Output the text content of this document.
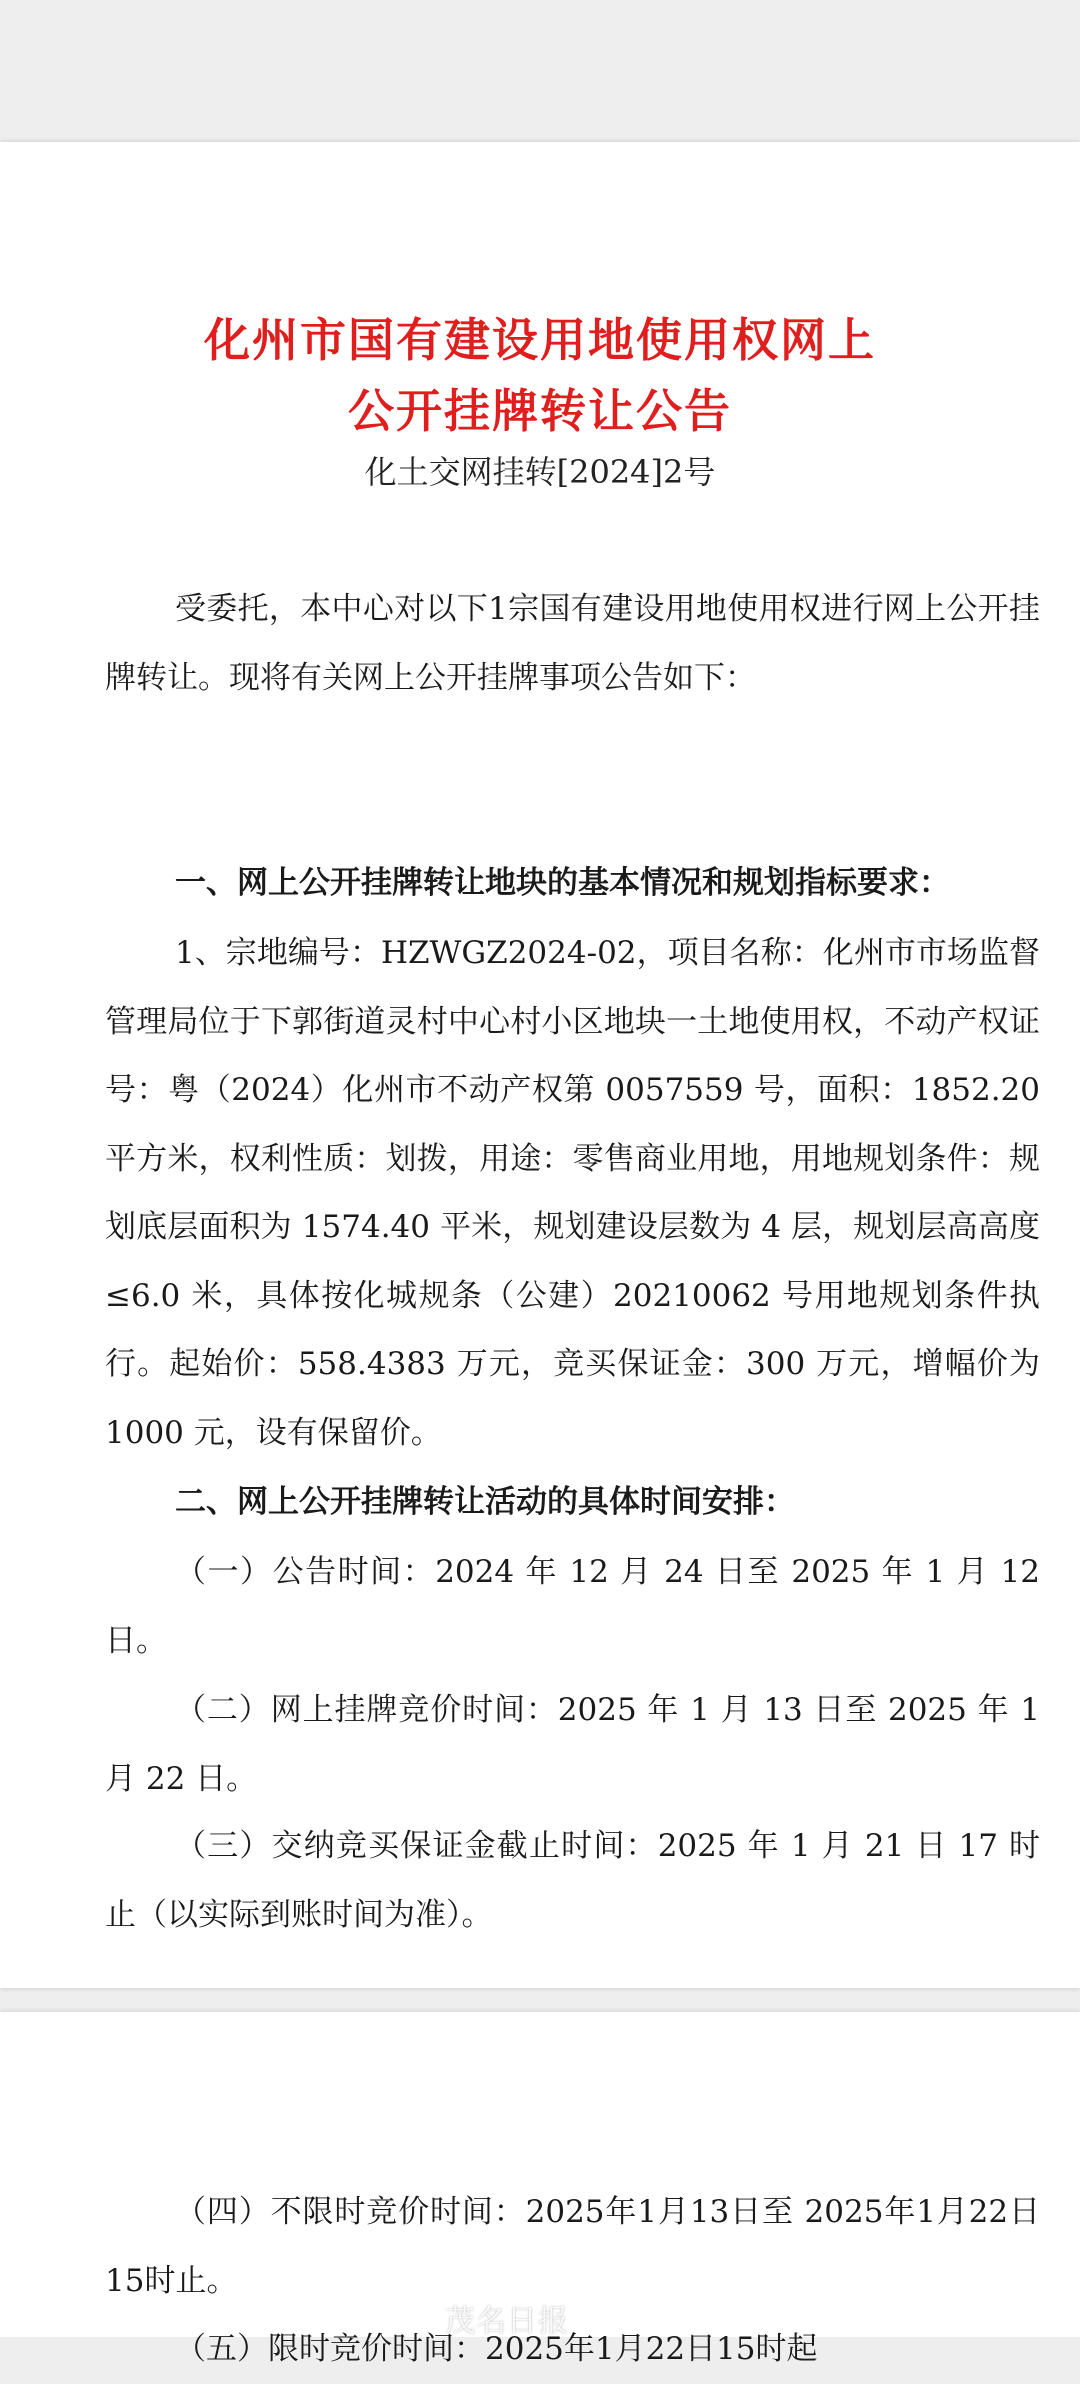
化州市国有建设用地使用权网上
公开挂牌转让公告
化土交网挂转[2024]2号

受委托，本中心对以下1宗国有建设用地使用权进行网上公开挂牌转让。现将有关网上公开挂牌事项公告如下：

一、网上公开挂牌转让地块的基本情况和规划指标要求：

1、宗地编号：HZWGZ2024-02，项目名称：化州市市场监督管理局位于下郭街道灵村中心村小区地块一土地使用权，不动产权证号：粤（2024）化州市不动产权第 0057559 号，面积：1852.20 平方米，权利性质：划拨，用途：零售商业用地，用地规划条件：规划底层面积为 1574.40 平米，规划建设层数为 4 层，规划层高高度≤6.0 米，具体按化城规条（公建）20210062 号用地规划条件执行。起始价：558.4383 万元，竞买保证金：300 万元，增幅价为 1000 元，设有保留价。

二、网上公开挂牌转让活动的具体时间安排：

（一）公告时间：2024 年 12 月 24 日至 2025 年 1 月 12 日。

（二）网上挂牌竞价时间：2025 年 1 月 13 日至 2025 年 1 月 22 日。

（三）交纳竞买保证金截止时间：2025 年 1 月 21 日 17 时止（以实际到账时间为准）。

（四）不限时竞价时间：2025年1月13日至 2025年1月22日15时止。

（五）限时竞价时间：2025年1月22日15时起

茂名日报
